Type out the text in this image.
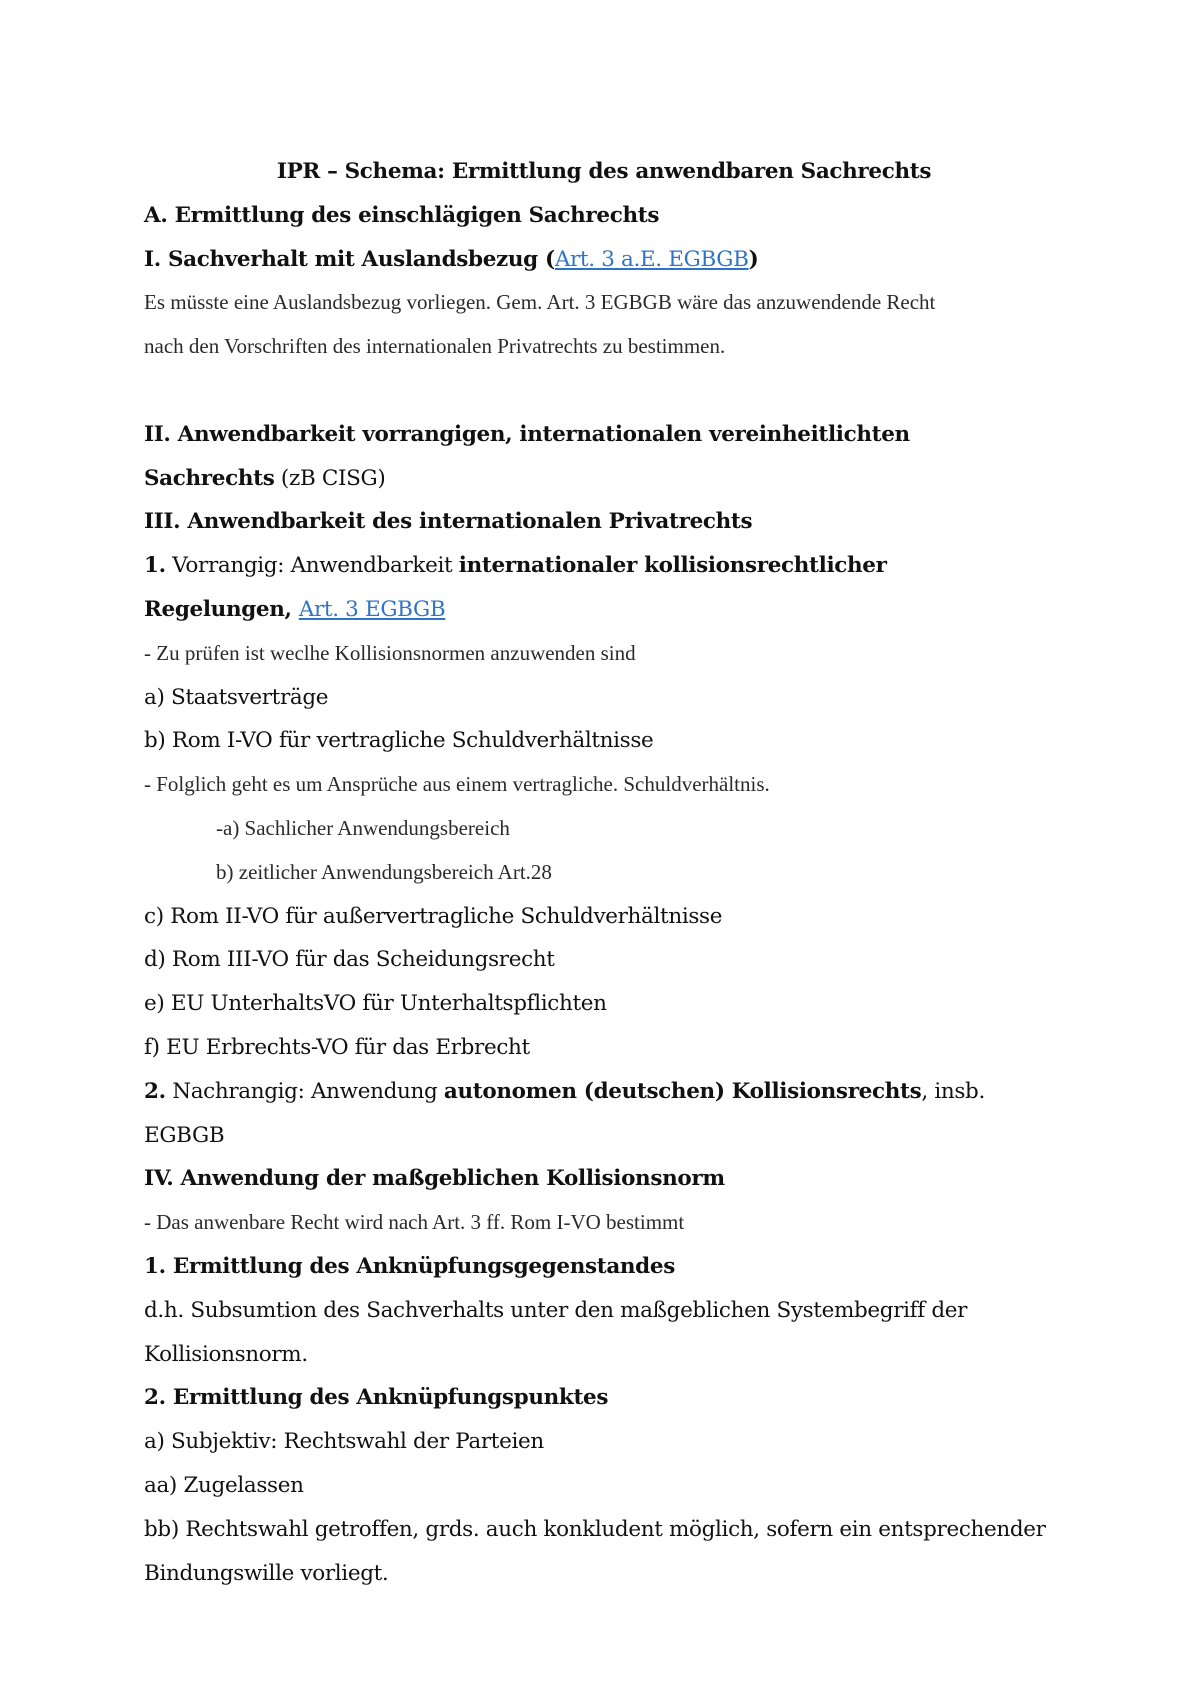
IPR – Schema: Ermittlung des anwendbaren Sachrechts
A. Ermittlung des einschlägigen Sachrechts
I. Sachverhalt mit Auslandsbezug (Art. 3 a.E. EGBGB)
Es müsste eine Auslandsbezug vorliegen. Gem. Art. 3 EGBGB wäre das anzuwendende Recht
nach den Vorschriften des internationalen Privatrechts zu bestimmen.
II. Anwendbarkeit vorrangigen, internationalen vereinheitlichten
Sachrechts (zB CISG)
III. Anwendbarkeit des internationalen Privatrechts
1. Vorrangig: Anwendbarkeit internationaler kollisionsrechtlicher
Regelungen, Art. 3 EGBGB
- Zu prüfen ist weclhe Kollisionsnormen anzuwenden sind
a) Staatsverträge
b) Rom I-VO für vertragliche Schuldverhältnisse
- Folglich geht es um Ansprüche aus einem vertragliche. Schuldverhältnis.
-a) Sachlicher Anwendungsbereich
b) zeitlicher Anwendungsbereich Art.28
c) Rom II-VO für außervertragliche Schuldverhältnisse
d) Rom III-VO für das Scheidungsrecht
e) EU UnterhaltsVO für Unterhaltspflichten
f) EU Erbrechts-VO für das Erbrecht
2. Nachrangig: Anwendung autonomen (deutschen) Kollisionsrechts, insb.
EGBGB
IV. Anwendung der maßgeblichen Kollisionsnorm
- Das anwenbare Recht wird nach Art. 3 ff. Rom I-VO bestimmt
1. Ermittlung des Anknüpfungsgegenstandes
d.h. Subsumtion des Sachverhalts unter den maßgeblichen Systembegriff der
Kollisionsnorm.
2. Ermittlung des Anknüpfungspunktes
a) Subjektiv: Rechtswahl der Parteien
aa) Zugelassen
bb) Rechtswahl getroffen, grds. auch konkludent möglich, sofern ein entsprechender
Bindungswille vorliegt.
